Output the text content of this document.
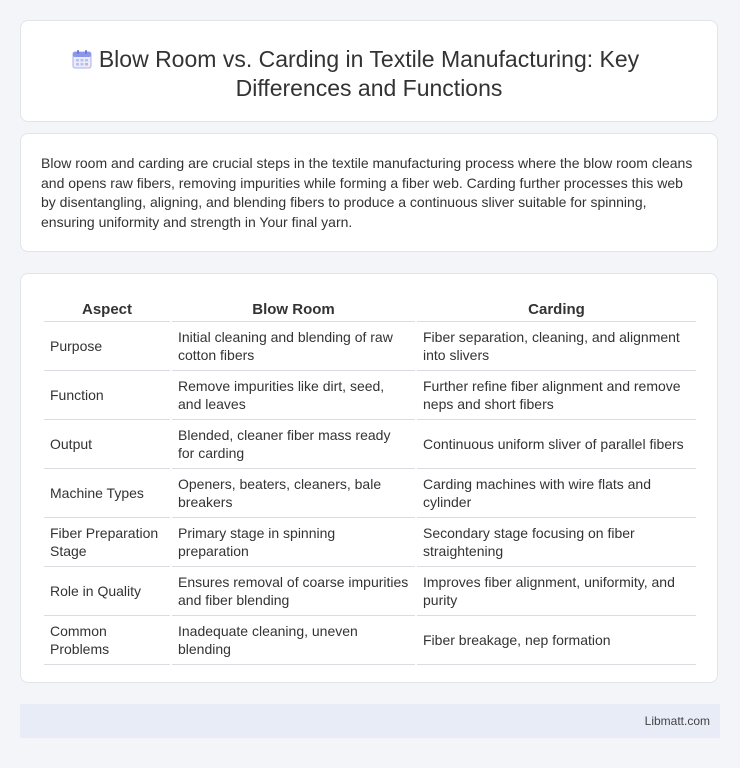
Blow Room vs. Carding in Textile Manufacturing: Key
Differences and Functions
Blow room and carding are crucial steps in the textile manufacturing process where the blow room cleans and opens raw fibers, removing impurities while forming a fiber web. Carding further processes this web by disentangling, aligning, and blending fibers to produce a continuous sliver suitable for spinning, ensuring uniformity and strength in Your final yarn.
Aspect	Blow Room	Carding
Purpose	Initial cleaning and blending of raw cotton fibers	Fiber separation, cleaning, and alignment into slivers
Function	Remove impurities like dirt, seed, and leaves	Further refine fiber alignment and remove neps and short fibers
Output	Blended, cleaner fiber mass ready for carding	Continuous uniform sliver of parallel fibers
Machine Types	Openers, beaters, cleaners, bale breakers	Carding machines with wire flats and cylinder
Fiber Preparation Stage	Primary stage in spinning preparation	Secondary stage focusing on fiber straightening
Role in Quality	Ensures removal of coarse impurities and fiber blending	Improves fiber alignment, uniformity, and purity
Common Problems	Inadequate cleaning, uneven blending	Fiber breakage, nep formation
Libmatt.com
